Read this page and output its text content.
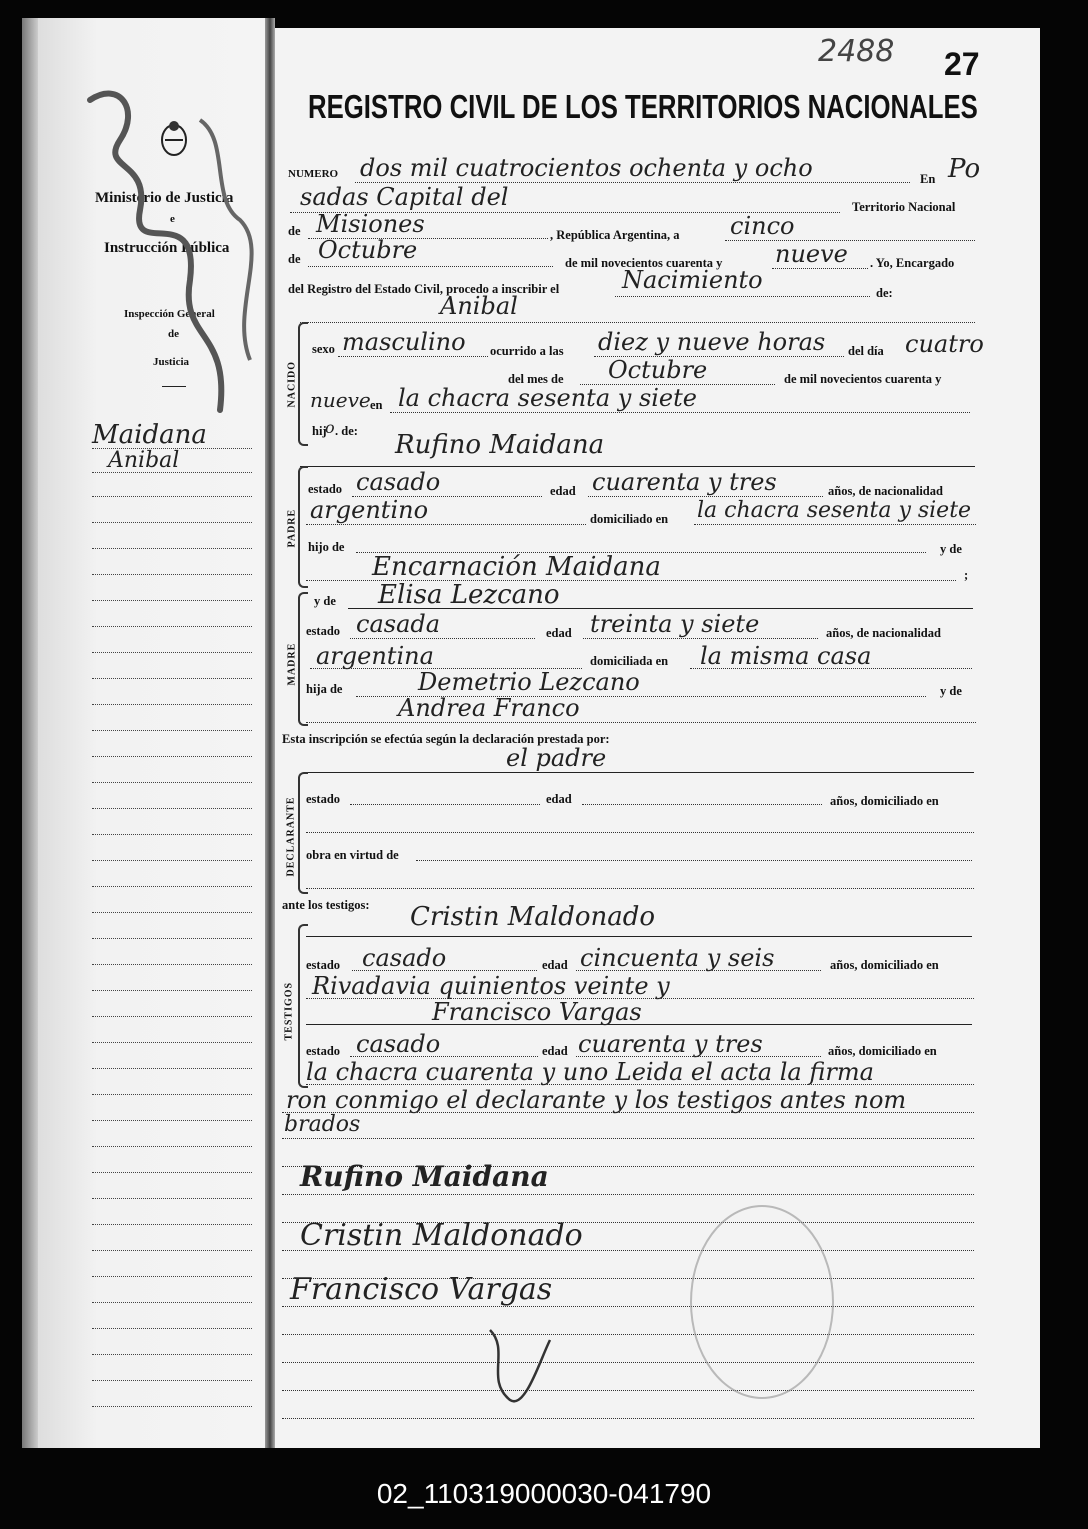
Ministerio de Justicia
e
Instrucción Pública
Inspección General
de
Justicia
Maidana
Anibal
2488 27
REGISTRO CIVIL DE LOS TERRITORIOS NACIONALES
NUMERO dos mil cuatrocientos ochenta y ocho	En Po
sadas Capital del	Territorio Nacional
de Misiones	, República Argentina, a cinco
de Octubre	de mil novecientos cuarenta y nueve . Yo, Encargado
del Registro del Estado Civil, procedo a inscribir el	Nacimiento	de:
Anibal
NACIDO
sexo masculino ocurrido a las diez y nueve horas del día cuatro
del mes de Octubre	de mil novecientos cuarenta y
nueve en la chacra sesenta y siete
hij
o . de: Rufino Maidana
PADRE
estado casado	edad cuarenta y tres	años, de nacionalidad
argentino	domiciliado en la chacra sesenta y siete
hijo de	y de
Encarnación Maidana	;
MADRE
y de Elisa Lezcano
estado casada	edad treinta y siete	años, de nacionalidad
argentina	domiciliada en la misma casa
hija de	Demetrio Lezcano	y de
Andrea Franco
Esta inscripción se efectúa según la declaración prestada por:
el padre
DECLARANTE estado	edad	años, domiciliado en
obra en virtud de
ante los testigos: Cristin Maldonado
TESTIGOS
estado casado	edad cincuenta y seis	años, domiciliado en
Rivadavia quinientos veinte y
Francisco Vargas
estado casado	edad cuarenta y tres	años, domiciliado en
la chacra cuarenta y uno Leida el acta la firma
ron conmigo el declarante y los testigos antes nom
brados
Rufino Maidana
Cristin Maldonado
Francisco Vargas
02_110319000030-041790
